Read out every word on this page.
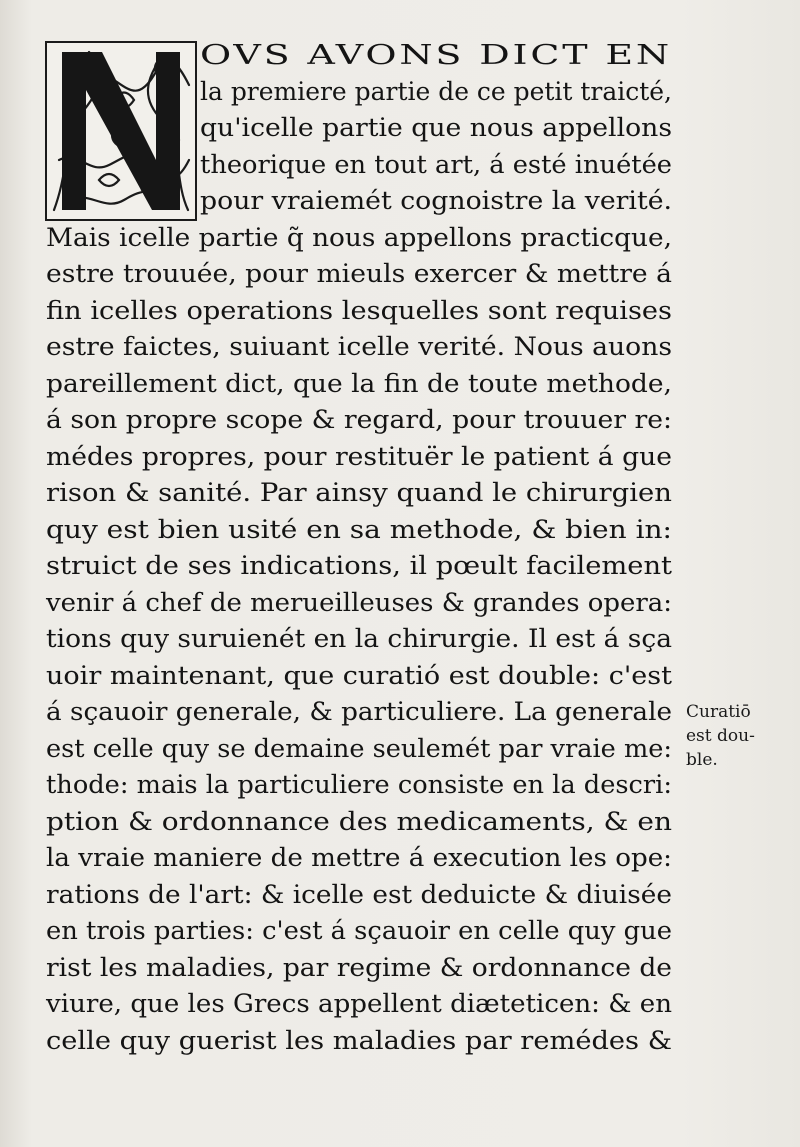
OVS AVONS DICT EN
la premiere partie de ce petit traicté,
qu'icelle partie que nous appellons
theorique en tout art, á esté inuétée
pour vraiemét cognoistre la verité.
Mais icelle partie q̃ nous appellons practicque,
estre trouuée, pour mieuls exercer & mettre á
fin icelles operations lesquelles sont requises
estre faictes, suiuant icelle verité. Nous auons
pareillement dict, que la fin de toute methode,
á son propre scope & regard, pour trouuer re:
médes propres, pour restituër le patient á gue
rison & sanité. Par ainsy quand le chirurgien
quy est bien usité en sa methode, & bien in:
struict de ses indications, il pœult facilement
venir á chef de merueilleuses & grandes opera:
tions quy suruienét en la chirurgie. Il est á sça
uoir maintenant, que curatió est double: c'est
á sçauoir generale, & particuliere. La generale
est celle quy se demaine seulemét par vraie me:
thode: mais la particuliere consiste en la descri:
ption & ordonnance des medicaments, & en
la vraie maniere de mettre á execution les ope:
rations de l'art: & icelle est deduicte & diuisée
en trois parties: c'est á sçauoir en celle quy gue
rist les maladies, par regime & ordonnance de
viure, que les Grecs appellent diæteticen: & en
celle quy guerist les maladies par remédes &
Curatiō
est dou-
ble.
